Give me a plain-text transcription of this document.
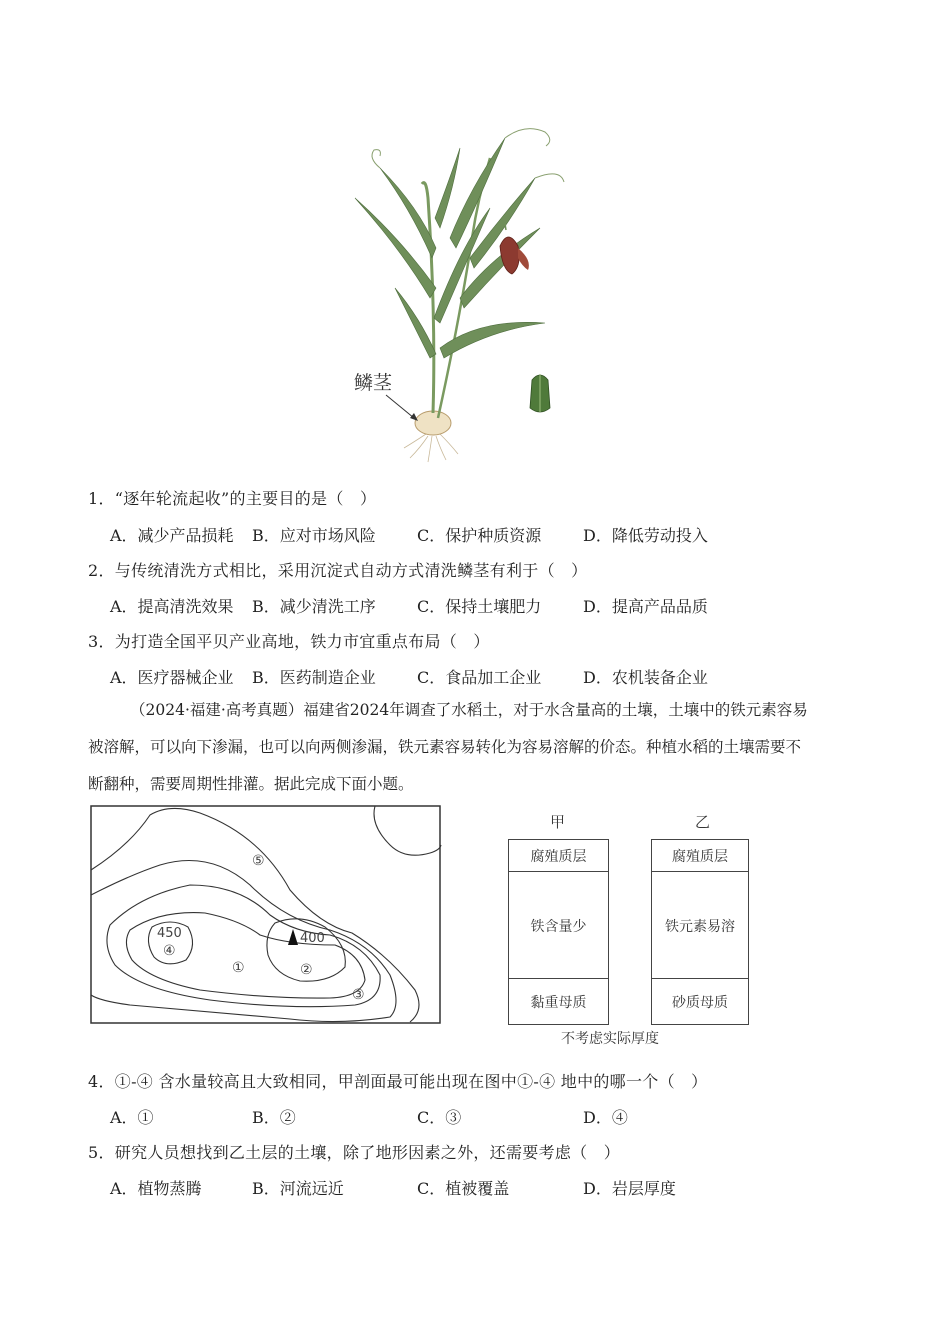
鳞茎
1．“逐年轮流起收”的主要目的是（　）
A．减少产品损耗 B．应对市场风险	C．保护种质资源	D．降低劳动投入
2．与传统清洗方式相比，采用沉淀式自动方式清洗鳞茎有利于（　）
A．提高清洗效果 B．减少清洗工序	C．保持土壤肥力	D．提高产品品质
3．为打造全国平贝产业高地，铁力市宜重点布局（　）
A．医疗器械企业 B．医药制造企业	C．食品加工企业	D．农机装备企业
（2024·福建·高考真题）福建省2024年调查了水稻土，对于水含量高的土壤，土壤中的铁元素容易
被溶解，可以向下渗漏，也可以向两侧渗漏，铁元素容易转化为容易溶解的价态。种植水稻的土壤需要不
断翻种，需要周期性排灌。据此完成下面小题。
450	400
①	②
③
④
⑤
甲
腐殖质层
铁含量少
黏重母质
乙
腐殖质层
铁元素易溶
砂质母质
不考虑实际厚度
4．①-④ 含水量较高且大致相同，甲剖面最可能出现在图中①-④ 地中的哪一个（　）
A．①	B．②	C．③	D．④
5．研究人员想找到乙土层的土壤，除了地形因素之外，还需要考虑（　）
A．植物蒸腾	B．河流远近	C．植被覆盖	D．岩层厚度
